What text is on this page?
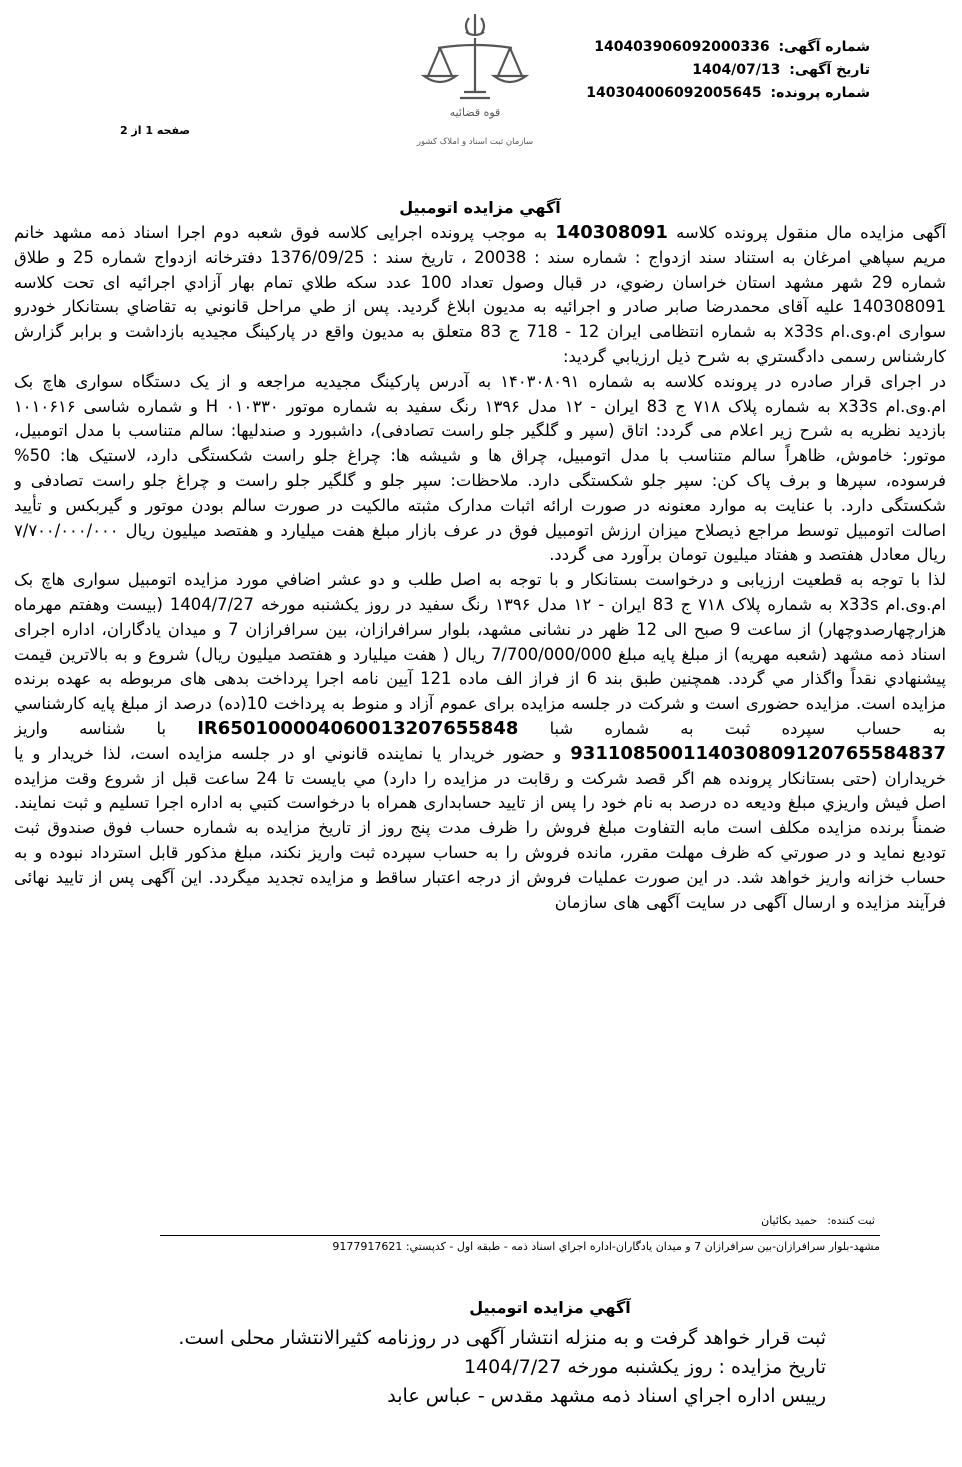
شماره آگهی: 14040390609200033‌6
تاریخ آگهی: 1404/07/13
شماره پرونده: 14030400609200564‌5
قوه قضائیه
سازمان ثبت اسناد و املاک کشور
صفحه 1 از 2
آگهي مزايده اتومبيل

آگهی مزایده مال منقول پرونده کلاسه 140308091 به موجب پرونده اجرایی کلاسه فوق شعبه دوم اجرا اسناد ذمه مشهد خانم مريم سپاهي امرغان به استناد سند ازدواج : شماره سند : 20038 ، تاریخ سند : 1376/09/25 دفترخانه ازدواج شماره 25 و طلاق شماره 29 شهر مشهد استان خراسان رضوي، در قبال وصول تعداد 100 عدد سکه طلاي تمام بهار آزادي اجرائيه ای تحت کلاسه 140308091 علیه آقای محمدرضا صابر صادر و اجرائيه به مديون ابلاغ گرديد. پس از طي مراحل قانوني به تقاضاي بستانكار خودرو سواری ام.وی.ام x33s به شماره انتظامی ایران 12 - 718 ج 83 متعلق به مديون واقع در پارکینگ مجیدیه بازداشت و برابر گزارش کارشناس رسمی دادگستري به شرح ذيل ارزيابي گرديد:

در اجرای قرار صادره در پرونده کلاسه به شماره ۱۴۰۳۰۸۰۹۱ به آدرس پارکینگ مجیدیه مراجعه و از یک دستگاه سواری هاچ بک ام.وی.ام x33s به شماره پلاک ۷۱۸ ج 83 ایران - ۱۲ مدل ۱۳۹۶ رنگ سفید به شماره موتور ۰۱۰۳۳۰ H و شماره شاسی ۱۰۱۰۶۱۶ بازدید نظریه به شرح زیر اعلام می گردد: اتاق (سپر و گلگیر جلو راست تصادفی)، داشبورد و صندلیها: سالم متناسب با مدل اتومبیل، موتور: خاموش، ظاهراً سالم متناسب با مدل اتومبیل، چراق ها و شیشه ها: چراغ جلو راست شکستگی دارد، لاستیک ها: 50% فرسوده، سپرها و برف پاک کن: سپر جلو شکستگی دارد. ملاحظات: سپر جلو و گلگیر جلو راست و چراغ جلو راست تصادفی و شکستگی دارد. با عنایت به موارد معنونه در صورت ارائه اثبات مدارک مثبته مالکیت در صورت سالم بودن موتور و گیربکس و تأیید اصالت اتومبیل توسط مراجع ذیصلاح میزان ارزش اتومبیل فوق در عرف بازار مبلغ هفت میلیارد و هفتصد میلیون ریال ۷/۷۰۰/۰۰۰/۰۰۰ ریال معادل هفتصد و هفتاد میلیون تومان برآورد می گردد.

لذا با توجه به قطعيت ارزيابی و درخواست بستانکار و با توجه به اصل طلب و دو عشر اضافي مورد مزايده اتومبیل سواری هاچ بک ام.وی.ام x33s به شماره پلاک ۷۱۸ ج 83 ایران - ۱۲ مدل ۱۳۹۶ رنگ سفید در روز يکشنبه مورخه 1404/7/27 (بيست وهفتم مهرماه هزارچهارصدوچهار) از ساعت 9 صبح الی 12 ظهر در نشانی مشهد، بلوار سرافرازان، بين سرافرازان 7 و ميدان يادگاران، اداره اجرای اسناد ذمه مشهد (شعبه مهريه) از مبلغ پايه مبلغ 7/700/000/000 ريال ( هفت میلیارد و هفتصد میلیون ریال) شروع و به بالاترين قيمت پيشنهادي نقداً واگذار مي گردد. همچنين طبق بند 6 از فراز الف ماده 121 آيين نامه اجرا پرداخت بدهی های مربوطه به عهده برنده مزايده است. مزايده حضوری است و شرکت در جلسه مزايده برای عموم آزاد و منوط به پرداخت 10(ده) درصد از مبلغ پايه کارشناسي به حساب سپرده ثبت به شماره شبا IR650100004060013207655848 با شناسه واريز 931108500114030809120765584837 و حضور خريدار يا نماينده قانوني او در جلسه مزايده است، لذا خريدار و يا خريداران (حتی بستانکار پرونده هم اگر قصد شرکت و رقابت در مزايده را دارد) مي بايست تا 24 ساعت قبل از شروع وقت مزايده اصل فيش واريزي مبلغ وديعه ده درصد به نام خود را پس از تاييد حسابداری همراه با درخواست کتبي به اداره اجرا تسليم و ثبت نمايند. ضمناً برنده مزايده مکلف است مابه التفاوت مبلغ فروش را ظرف مدت پنج روز از تاريخ مزايده به شماره حساب فوق صندوق ثبت توديع نمايد و در صورتي كه ظرف مهلت مقرر، مانده فروش را به حساب سپرده ثبت واريز نكند، مبلغ مذكور قابل استرداد نبوده و به حساب خزانه واريز خواهد شد. در اين صورت عمليات فروش از درجه اعتبار ساقط و مزايده تجديد ميگردد. اين آگهی پس از تاييد نهائی فرآيند مزايده و ارسال آگهی در سايت آگهی های سازمان

ثبت كننده:حمید بکائیان
مشهد-بلوار سرافرازان-بين سرافرازان 7 و ميدان يادگاران-اداره اجراي اسناد ذمه - طبقه اول - كدپستي: 9177917621
آگهي مزايده اتومبيل

ثبت قرار خواهد گرفت و به منزله انتشار آگهی در روزنامه کثيرالانتشار محلی است.

تاریخ مزایده : روز يکشنبه مورخه 1404/7/27

ريیس اداره اجراي اسناد ذمه مشهد مقدس - عباس عابد
